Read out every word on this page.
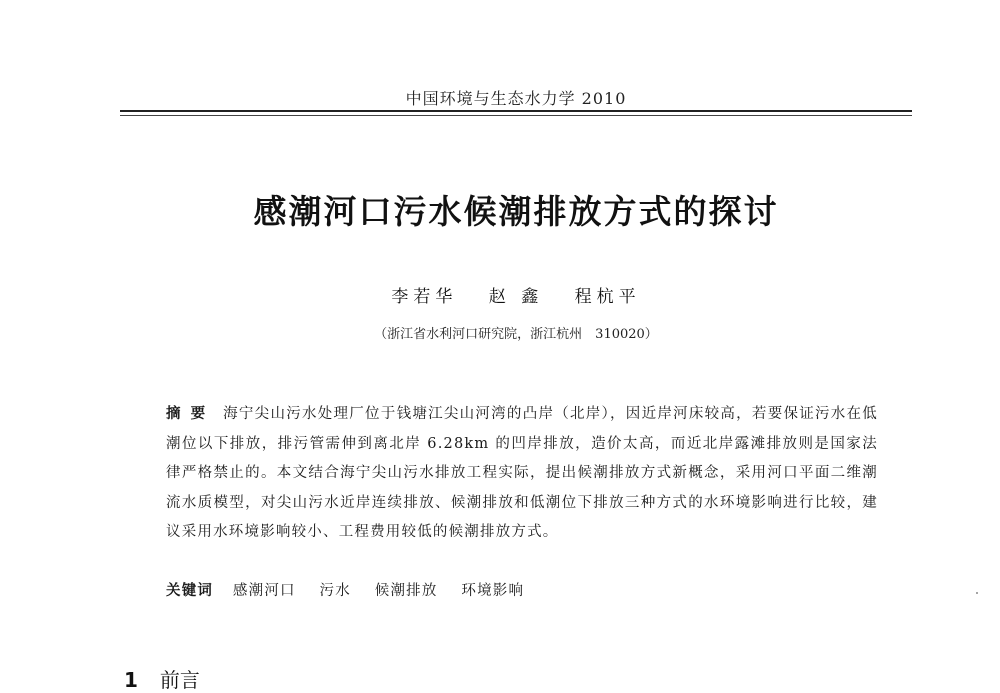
中国环境与生态水力学 2010
感潮河口污水候潮排放方式的探讨
李若华 赵 鑫 程杭平
（浙江省水利河口研究院，浙江杭州　310020）
摘要 海宁尖山污水处理厂位于钱塘江尖山河湾的凸岸（北岸），因近岸河床较高，若要保证污水在低潮位以下排放，排污管需伸到离北岸 6.28km 的凹岸排放，造价太高，而近北岸露滩排放则是国家法律严格禁止的。本文结合海宁尖山污水排放工程实际，提出候潮排放方式新概念，采用河口平面二维潮流水质模型，对尖山污水近岸连续排放、候潮排放和低潮位下排放三种方式的水环境影响进行比较，建议采用水环境影响较小、工程费用较低的候潮排放方式。
关键词 感潮河口 污水 候潮排放 环境影响
1 前言
